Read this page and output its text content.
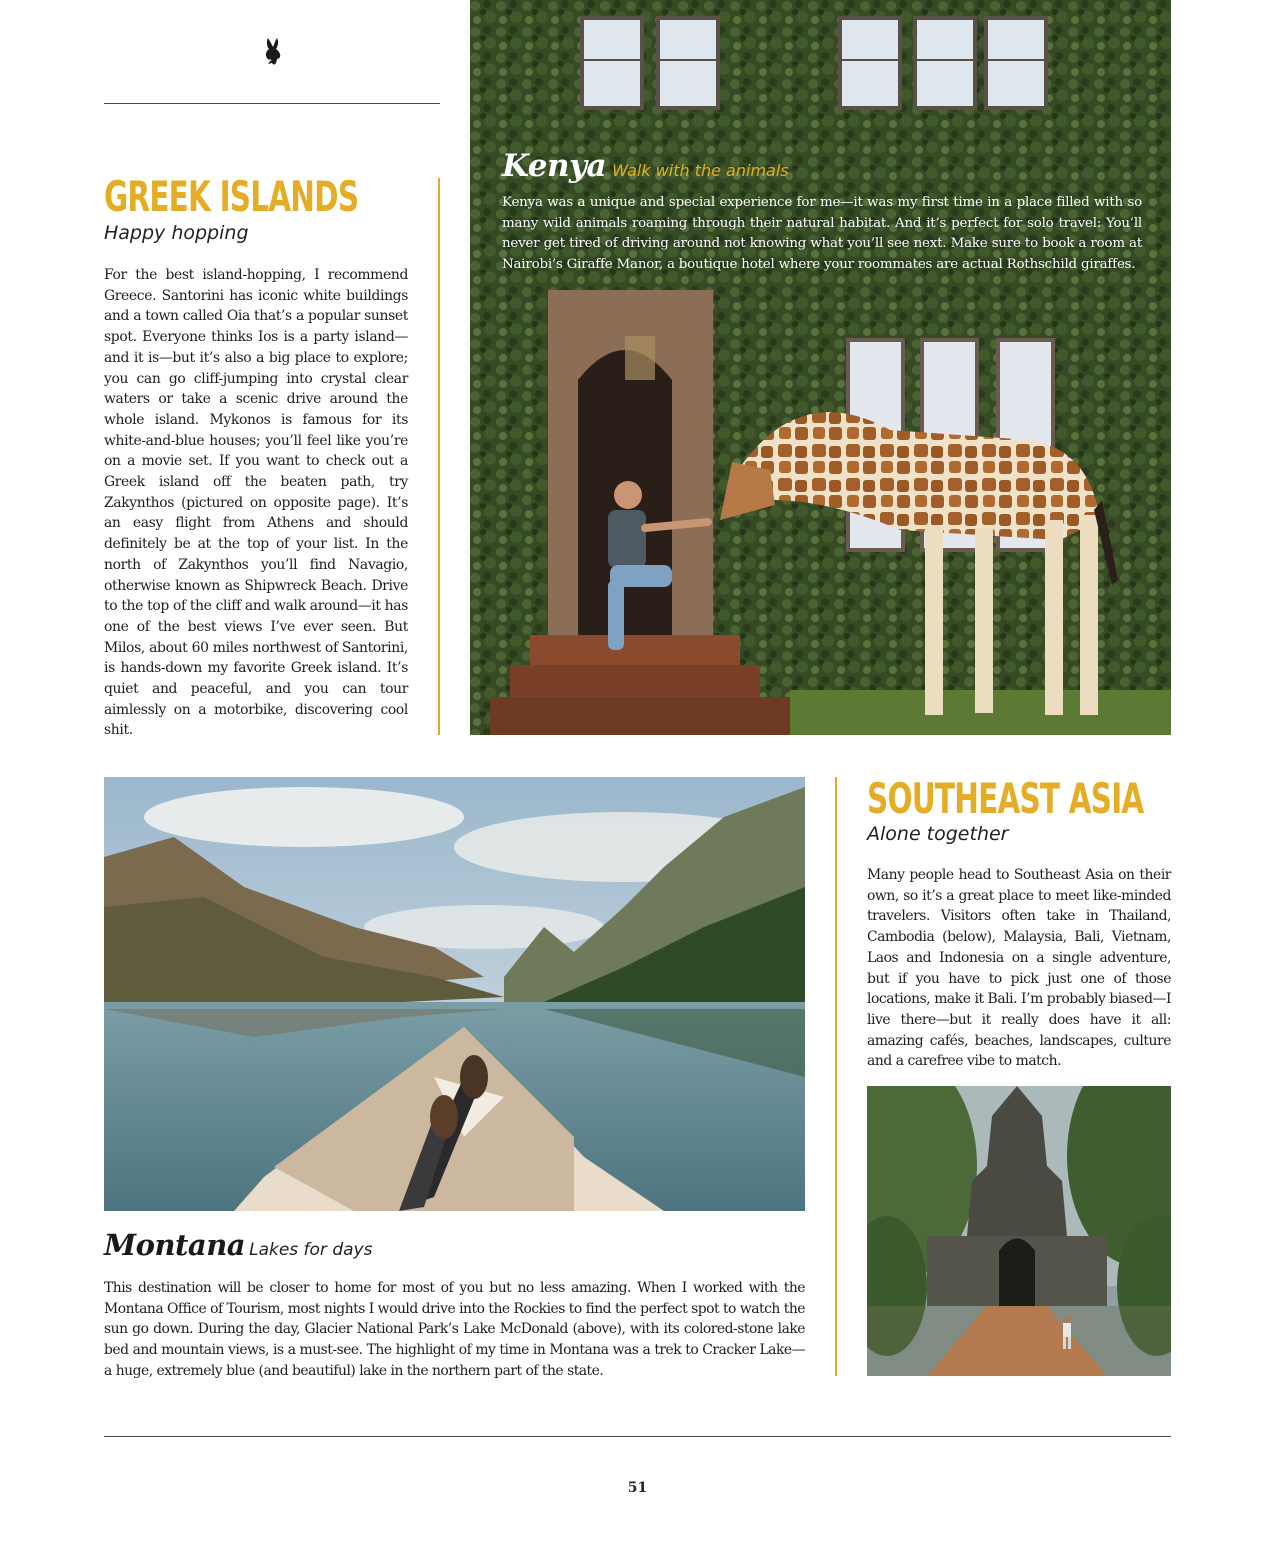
GREEK ISLANDS

Happy hopping

For the best island-hopping, I recommend Greece. Santorini has iconic white buildings and a town called Oia that’s a popular sunset spot. Everyone thinks Ios is a party island—and it is—but it’s also a big place to explore; you can go cliff-jumping into crystal clear waters or take a scenic drive around the whole island. Mykonos is famous for its white-and-blue houses; you’ll feel like you’re on a movie set. If you want to check out a Greek island off the beaten path, try Zakynthos (pictured on opposite page). It’s an easy flight from Athens and should definitely be at the top of your list. In the north of Zakynthos you’ll find Navagio, otherwise known as Shipwreck Beach. Drive to the top of the cliff and walk around—it has one of the best views I’ve ever seen. But Milos, about 60 miles northwest of Santorini, is hands-down my favorite Greek island. It’s quiet and peaceful, and you can tour aimlessly on a motorbike, discovering cool shit.

Kenya Walk with the animals

Kenya was a unique and special experience for me—it was my first time in a place filled with so many wild animals roaming through their natural habitat. And it’s perfect for solo travel: You’ll never get tired of driving around not knowing what you’ll see next. Make sure to book a room at Nairobi’s Giraffe Manor, a boutique hotel where your roommates are actual Rothschild giraffes.

Montana Lakes for days

This destination will be closer to home for most of you but no less amazing. When I worked with the Montana Office of Tourism, most nights I would drive into the Rockies to find the perfect spot to watch the sun go down. During the day, Glacier National Park’s Lake McDonald (above), with its colored-stone lake bed and mountain views, is a must-see. The highlight of my time in Montana was a trek to Cracker Lake—a huge, extremely blue (and beautiful) lake in the northern part of the state.

SOUTHEAST ASIA

Alone together

Many people head to Southeast Asia on their own, so it’s a great place to meet like-minded travelers. Visitors often take in Thailand, Cambodia (below), Malaysia, Bali, Vietnam, Laos and Indonesia on a single adventure, but if you have to pick just one of those locations, make it Bali. I’m probably biased—I live there—but it really does have it all: amazing cafés, beaches, landscapes, culture and a carefree vibe to match.

51
